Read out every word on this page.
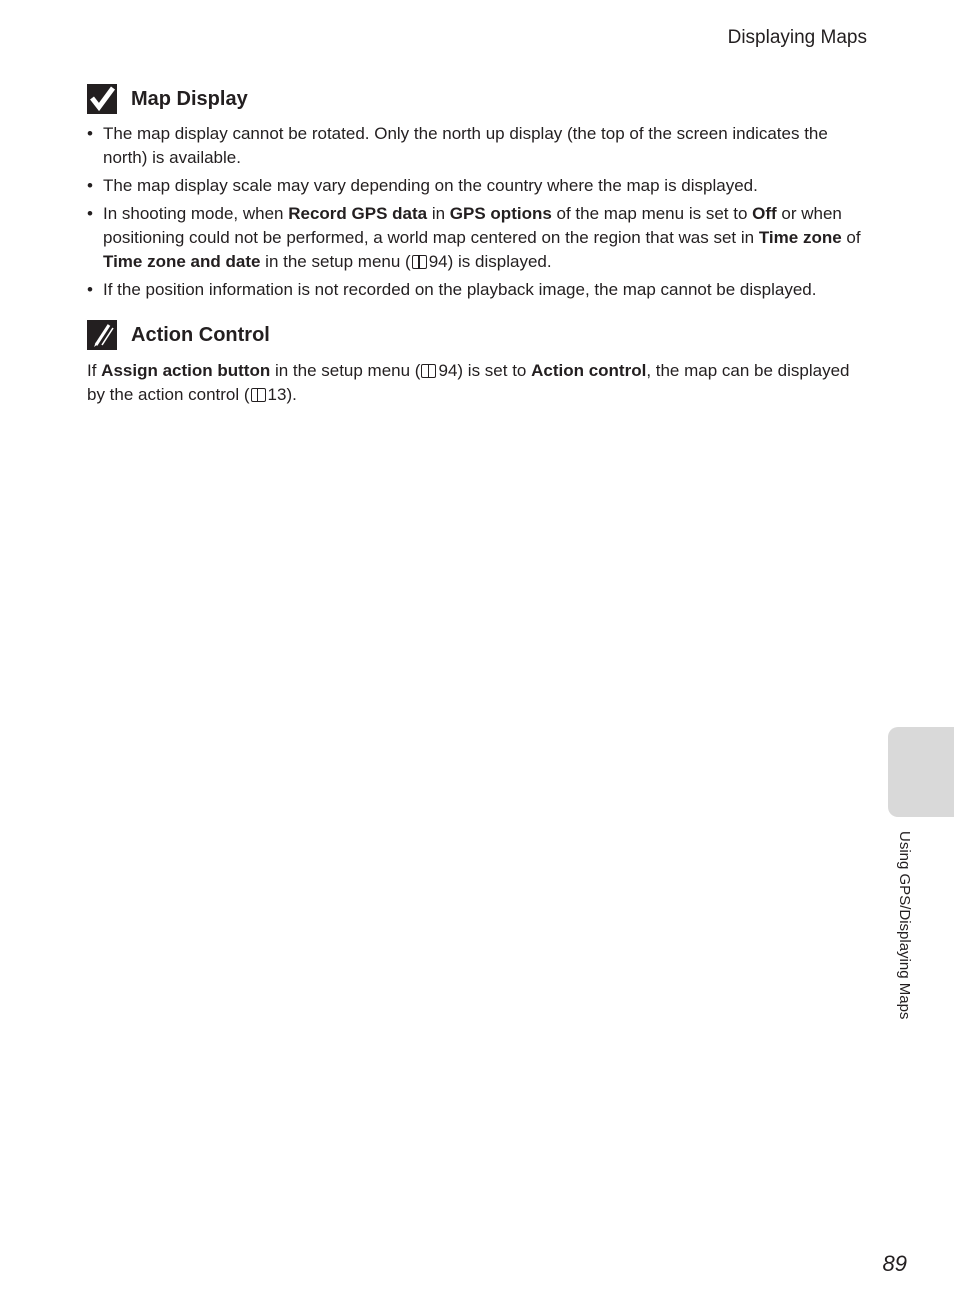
Displaying Maps
Map Display
• The map display cannot be rotated. Only the north up display (the top of the screen indicates the north) is available.
• The map display scale may vary depending on the country where the map is displayed.
• In shooting mode, when Record GPS data in GPS options of the map menu is set to Off or when positioning could not be performed, a world map centered on the region that was set in Time zone of Time zone and date in the setup menu ( 94) is displayed.
• If the position information is not recorded on the playback image, the map cannot be displayed.
Action Control
If Assign action button in the setup menu ( 94) is set to Action control, the map can be displayed by the action control ( 13).
Using GPS/Displaying Maps
89
